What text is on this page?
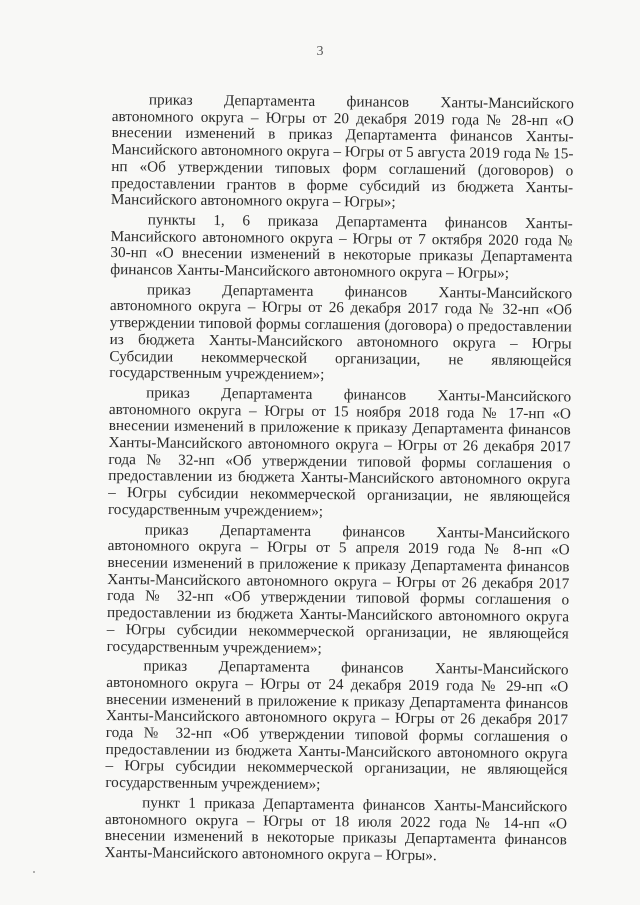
3

приказ Департамента финансов Ханты-Мансийского автономного округа – Югры от 20 декабря 2019 года № 28-нп «О внесении изменений в приказ Департамента финансов Ханты-Мансийского автономного округа – Югры от 5 августа 2019 года № 15-нп «Об утверждении типовых форм соглашений (договоров) о предоставлении грантов в форме субсидий из бюджета Ханты-Мансийского автономного округа – Югры»;

пункты 1, 6 приказа Департамента финансов Ханты-Мансийского автономного округа – Югры от 7 октября 2020 года № 30-нп «О внесении изменений в некоторые приказы Департамента финансов Ханты-Мансийского автономного округа – Югры»;

приказ Департамента финансов Ханты-Мансийского автономного округа – Югры от 26 декабря 2017 года № 32-нп «Об утверждении типовой формы соглашения (договора) о предоставлении из бюджета Ханты-Мансийского автономного округа – Югры Субсидии некоммерческой организации, не являющейся государственным учреждением»;

приказ Департамента финансов Ханты-Мансийского автономного округа – Югры от 15 ноября 2018 года № 17-нп «О внесении изменений в приложение к приказу Департамента финансов Ханты-Мансийского автономного округа – Югры от 26 декабря 2017 года № 32-нп «Об утверждении типовой формы соглашения о предоставлении из бюджета Ханты-Мансийского автономного округа – Югры субсидии некоммерческой организации, не являющейся государственным учреждением»;

приказ Департамента финансов Ханты-Мансийского автономного округа – Югры от 5 апреля 2019 года № 8-нп «О внесении изменений в приложение к приказу Департамента финансов Ханты-Мансийского автономного округа – Югры от 26 декабря 2017 года № 32-нп «Об утверждении типовой формы соглашения о предоставлении из бюджета Ханты-Мансийского автономного округа – Югры субсидии некоммерческой организации, не являющейся государственным учреждением»;

приказ Департамента финансов Ханты-Мансийского автономного округа – Югры от 24 декабря 2019 года № 29-нп «О внесении изменений в приложение к приказу Департамента финансов Ханты-Мансийского автономного округа – Югры от 26 декабря 2017 года № 32-нп «Об утверждении типовой формы соглашения о предоставлении из бюджета Ханты-Мансийского автономного округа – Югры субсидии некоммерческой организации, не являющейся государственным учреждением»;

пункт 1 приказа Департамента финансов Ханты-Мансийского автономного округа – Югры от 18 июля 2022 года № 14-нп «О внесении изменений в некоторые приказы Департамента финансов Ханты-Мансийского автономного округа – Югры».
